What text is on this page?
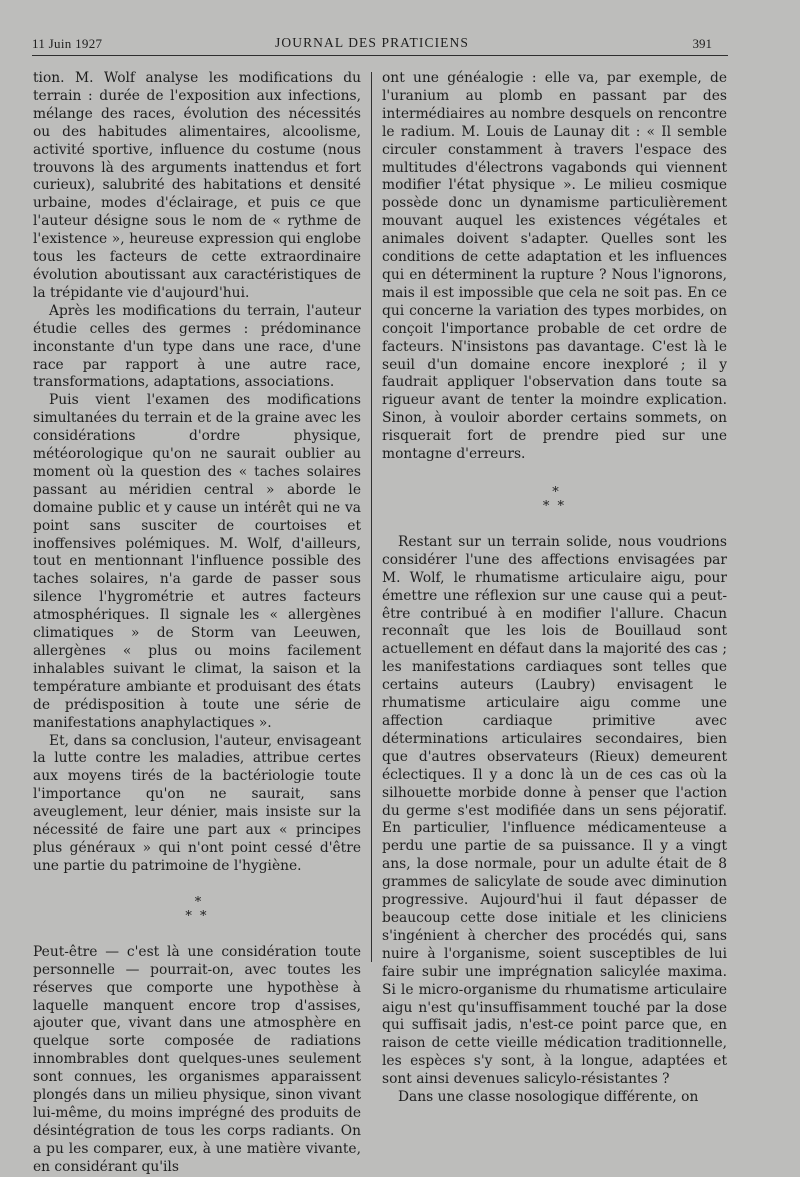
11 Juin 1927	JOURNAL DES PRATICIENS	391

tion. M. Wolf analyse les modifications du terrain : durée de l'exposition aux infections, mélange des races, évolution des nécessités ou des habitudes alimentaires, alcoolisme, activité sportive, influence du costume (nous trouvons là des arguments inattendus et fort curieux), salubrité des habitations et densité urbaine, modes d'éclairage, et puis ce que l'auteur désigne sous le nom de « rythme de l'existence », heureuse expression qui englobe tous les facteurs de cette extraordinaire évolution aboutissant aux caractéristiques de la trépidante vie d'aujourd'hui.

Après les modifications du terrain, l'auteur étudie celles des germes : prédominance inconstante d'un type dans une race, d'une race par rapport à une autre race, transformations, adaptations, associations.

Puis vient l'examen des modifications simultanées du terrain et de la graine avec les considérations d'ordre physique, météorologique qu'on ne saurait oublier au moment où la question des « taches solaires passant au méridien central » aborde le domaine public et y cause un intérêt qui ne va point sans susciter de courtoises et inoffensives polémiques. M. Wolf, d'ailleurs, tout en mentionnant l'influence possible des taches solaires, n'a garde de passer sous silence l'hygrométrie et autres facteurs atmosphériques. Il signale les « allergènes climatiques » de Storm van Leeuwen, allergènes « plus ou moins facilement inhalables suivant le climat, la saison et la température ambiante et produisant des états de prédisposition à toute une série de manifestations anaphylactiques ».

Et, dans sa conclusion, l'auteur, envisageant la lutte contre les maladies, attribue certes aux moyens tirés de la bactériologie toute l'importance qu'on ne saurait, sans aveuglement, leur dénier, mais insiste sur la nécessité de faire une part aux « principes plus généraux » qui n'ont point cessé d'être une partie du patrimoine de l'hygiène.

*
* *

Peut-être — c'est là une considération toute personnelle — pourrait-on, avec toutes les réserves que comporte une hypothèse à laquelle manquent encore trop d'assises, ajouter que, vivant dans une atmosphère en quelque sorte composée de radiations innombrables dont quelques-unes seulement sont connues, les organismes apparaissent plongés dans un milieu physique, sinon vivant lui-même, du moins imprégné des produits de désintégration de tous les corps radiants. On a pu les comparer, eux, à une matière vivante, en considérant qu'ils

ont une généalogie : elle va, par exemple, de l'uranium au plomb en passant par des intermédiaires au nombre desquels on rencontre le radium. M. Louis de Launay dit : « Il semble circuler constamment à travers l'espace des multitudes d'électrons vagabonds qui viennent modifier l'état physique ». Le milieu cosmique possède donc un dynamisme particulièrement mouvant auquel les existences végétales et animales doivent s'adapter. Quelles sont les conditions de cette adaptation et les influences qui en déterminent la rupture ? Nous l'ignorons, mais il est impossible que cela ne soit pas. En ce qui concerne la variation des types morbides, on conçoit l'importance probable de cet ordre de facteurs. N'insistons pas davantage. C'est là le seuil d'un domaine encore inexploré ; il y faudrait appliquer l'observation dans toute sa rigueur avant de tenter la moindre explication. Sinon, à vouloir aborder certains sommets, on risquerait fort de prendre pied sur une montagne d'erreurs.

*
* *

Restant sur un terrain solide, nous voudrions considérer l'une des affections envisagées par M. Wolf, le rhumatisme articulaire aigu, pour émettre une réflexion sur une cause qui a peut-être contribué à en modifier l'allure. Chacun reconnaît que les lois de Bouillaud sont actuellement en défaut dans la majorité des cas ; les manifestations cardiaques sont telles que certains auteurs (Laubry) envisagent le rhumatisme articulaire aigu comme une affection cardiaque primitive avec déterminations articulaires secondaires, bien que d'autres observateurs (Rieux) demeurent éclectiques. Il y a donc là un de ces cas où la silhouette morbide donne à penser que l'action du germe s'est modifiée dans un sens péjoratif. En particulier, l'influence médicamenteuse a perdu une partie de sa puissance. Il y a vingt ans, la dose normale, pour un adulte était de 8 grammes de salicylate de soude avec diminution progressive. Aujourd'hui il faut dépasser de beaucoup cette dose initiale et les cliniciens s'ingénient à chercher des procédés qui, sans nuire à l'organisme, soient susceptibles de lui faire subir une imprégnation salicylée maxima. Si le micro-organisme du rhumatisme articulaire aigu n'est qu'insuffisamment touché par la dose qui suffisait jadis, n'est-ce point parce que, en raison de cette vieille médication traditionnelle, les espèces s'y sont, à la longue, adaptées et sont ainsi devenues salicylo-résistantes ?

Dans une classe nosologique différente, on
